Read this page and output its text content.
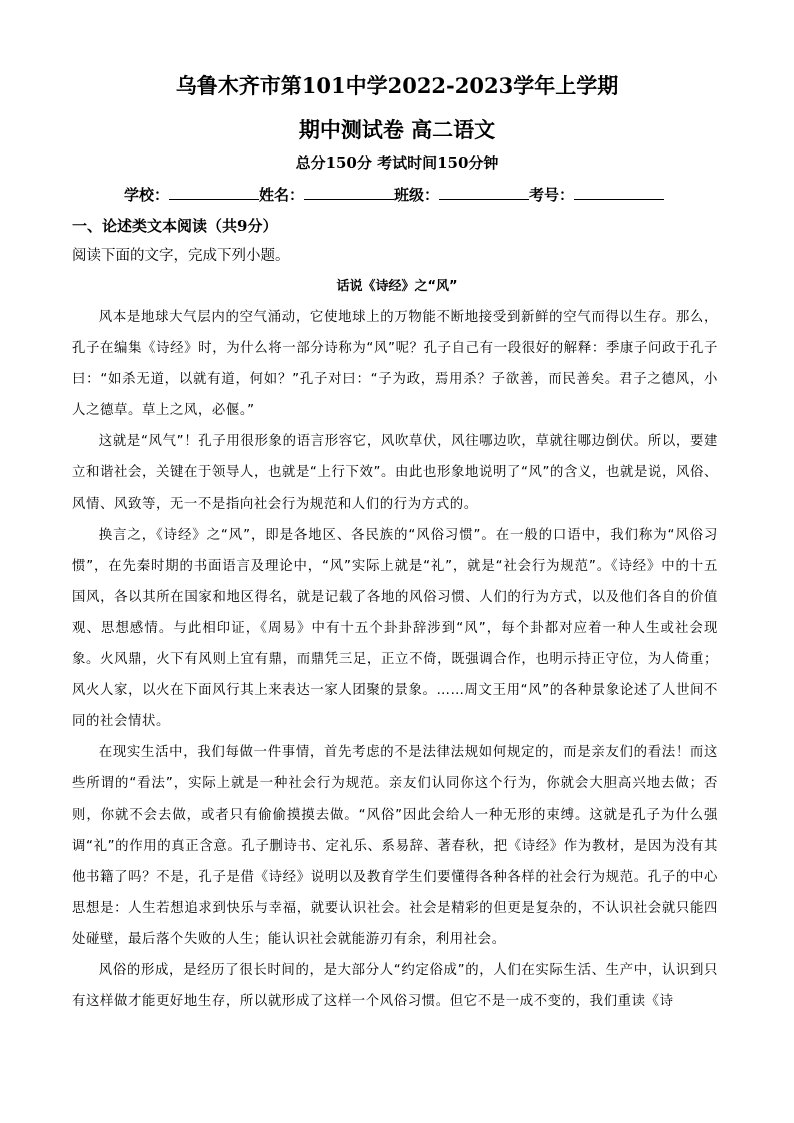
乌鲁木齐市第101中学2022-2023学年上学期
期中测试卷 高二语文
总分150分 考试时间150分钟
学校：	姓名：	班级：	考号：
一、论述类文本阅读（共9分）
阅读下面的文字，完成下列小题。
话说《诗经》之“风”

风本是地球大气层内的空气涌动，它使地球上的万物能不断地接受到新鲜的空气而得以生存。那么，孔子在编集《诗经》时，为什么将一部分诗称为“风”呢？孔子自己有一段很好的解释：季康子问政于孔子曰：“如杀无道，以就有道，何如？”孔子对曰：“子为政，焉用杀？子欲善，而民善矣。君子之德风，小人之德草。草上之风，必偃。”

这就是“风气”！孔子用很形象的语言形容它，风吹草伏，风往哪边吹，草就往哪边倒伏。所以，要建立和谐社会，关键在于领导人，也就是“上行下效”。由此也形象地说明了“风”的含义，也就是说，风俗、风情、风致等，无一不是指向社会行为规范和人们的行为方式的。

换言之，《诗经》之“风”，即是各地区、各民族的“风俗习惯”。在一般的口语中，我们称为“风俗习惯”，在先秦时期的书面语言及理论中，“风”实际上就是“礼”，就是“社会行为规范”。《诗经》中的十五国风，各以其所在国家和地区得名，就是记载了各地的风俗习惯、人们的行为方式，以及他们各自的价值观、思想感情。与此相印证，《周易》中有十五个卦卦辞涉到“风”，每个卦都对应着一种人生或社会现象。火风鼎，火下有风则上宜有鼎，而鼎凭三足，正立不倚，既强调合作，也明示持正守位，为人倚重；风火人家，以火在下面风行其上来表达一家人团聚的景象。……周文王用“风”的各种景象论述了人世间不同的社会情状。

在现实生活中，我们每做一件事情，首先考虑的不是法律法规如何规定的，而是亲友们的看法！而这些所谓的“看法”，实际上就是一种社会行为规范。亲友们认同你这个行为，你就会大胆高兴地去做；否则，你就不会去做，或者只有偷偷摸摸去做。“风俗”因此会给人一种无形的束缚。这就是孔子为什么强调“礼”的作用的真正含意。孔子删诗书、定礼乐、系易辞、著春秋，把《诗经》作为教材，是因为没有其他书籍了吗？不是，孔子是借《诗经》说明以及教育学生们要懂得各种各样的社会行为规范。孔子的中心思想是：人生若想追求到快乐与幸福，就要认识社会。社会是精彩的但更是复杂的，不认识社会就只能四处碰壁，最后落个失败的人生；能认识社会就能游刃有余，利用社会。

风俗的形成，是经历了很长时间的，是大部分人“约定俗成”的，人们在实际生活、生产中，认识到只有这样做才能更好地生存，所以就形成了这样一个风俗习惯。但它不是一成不变的，我们重读《诗
